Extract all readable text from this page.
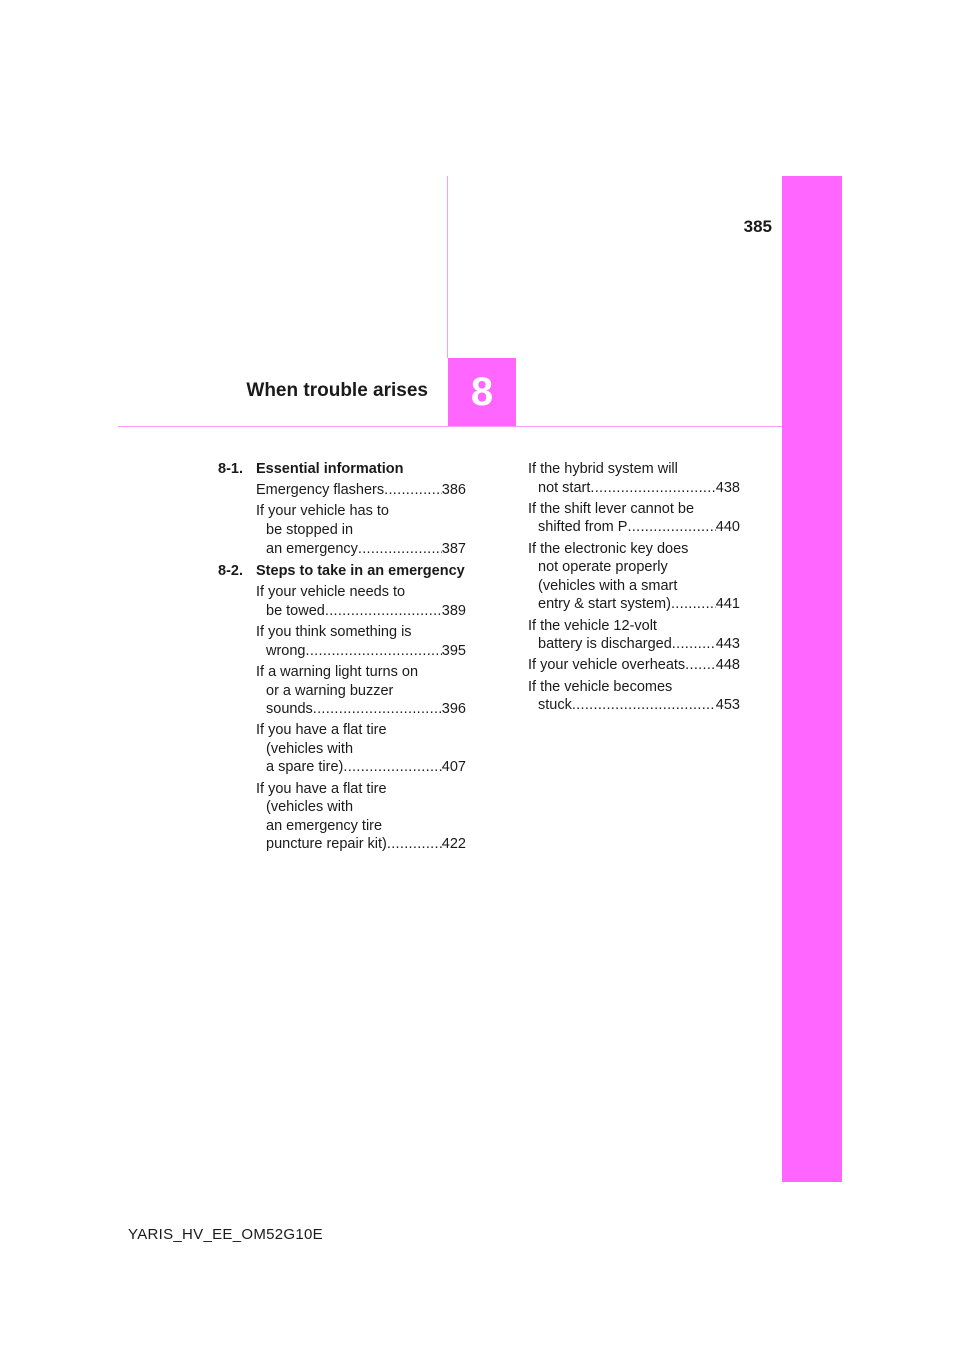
385
When trouble arises	8
8-1. Essential information
Emergency flashers .....	386
If your vehicle has to
be stopped in
an emergency .....	387
8-2. Steps to take in an emergency
If your vehicle needs to
be towed .....	389
If you think something is
wrong .....	395
If a warning light turns on
or a warning buzzer
sounds .....	396
If you have a flat tire
(vehicles with
a spare tire) .....	407
If you have a flat tire
(vehicles with
an emergency tire
puncture repair kit) .....	422
If the hybrid system will
not start .....	438
If the shift lever cannot be
shifted from P .....	440
If the electronic key does
not operate properly
(vehicles with a smart
entry & start system) .....	441
If the vehicle 12-volt
battery is discharged .....	443
If your vehicle overheats ..... 448
If the vehicle becomes
stuck .....	453
YARIS_HV_EE_OM52G10E
